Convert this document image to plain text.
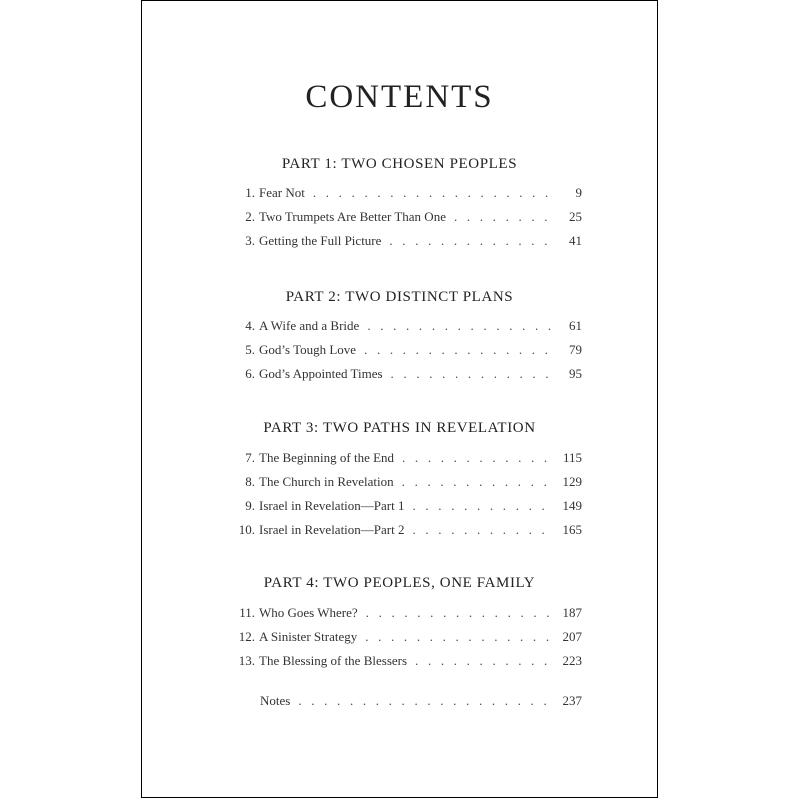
CONTENTS
PART 1: TWO CHOSEN PEOPLES
1. Fear Not . . .	9
2. Two Trumpets Are Better Than One . . .	25
3. Getting the Full Picture . . .	41
PART 2: TWO DISTINCT PLANS
4. A Wife and a Bride . . .	61
5. God’s Tough Love . . .	79
6. God’s Appointed Times . . .	95
PART 3: TWO PATHS IN REVELATION
7. The Beginning of the End . . .	115
8. The Church in Revelation . . .	129
9. Israel in Revelation—Part 1 . . .	149
10. Israel in Revelation—Part 2 . . .	165
PART 4: TWO PEOPLES, ONE FAMILY
11. Who Goes Where? . . .	187
12. A Sinister Strategy . . .	207
13. The Blessing of the Blessers . . .	223
Notes . . .	237
